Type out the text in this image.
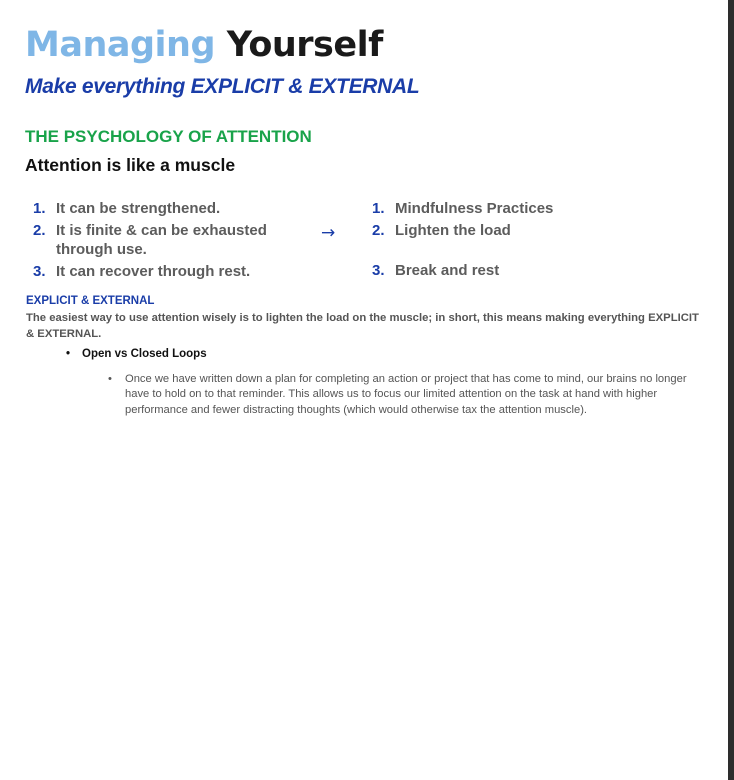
Managing Yourself
Make everything EXPLICIT & EXTERNAL
THE PSYCHOLOGY OF ATTENTION
Attention is like a muscle
1. It can be strengthened.
2. It is finite & can be exhausted through use.
3. It can recover through rest.
→
1. Mindfulness Practices
2. Lighten the load
3. Break and rest
EXPLICIT & EXTERNAL

The easiest way to use attention wisely is to lighten the load on the muscle; in short, this means making everything EXPLICIT & EXTERNAL.

• Open vs Closed Loops
• Once we have written down a plan for completing an action or project that has come to mind, our brains no longer have to hold on to that reminder. This allows us to focus our limited attention on the task at hand with higher performance and fewer distracting thoughts (which would otherwise tax the attention muscle).
